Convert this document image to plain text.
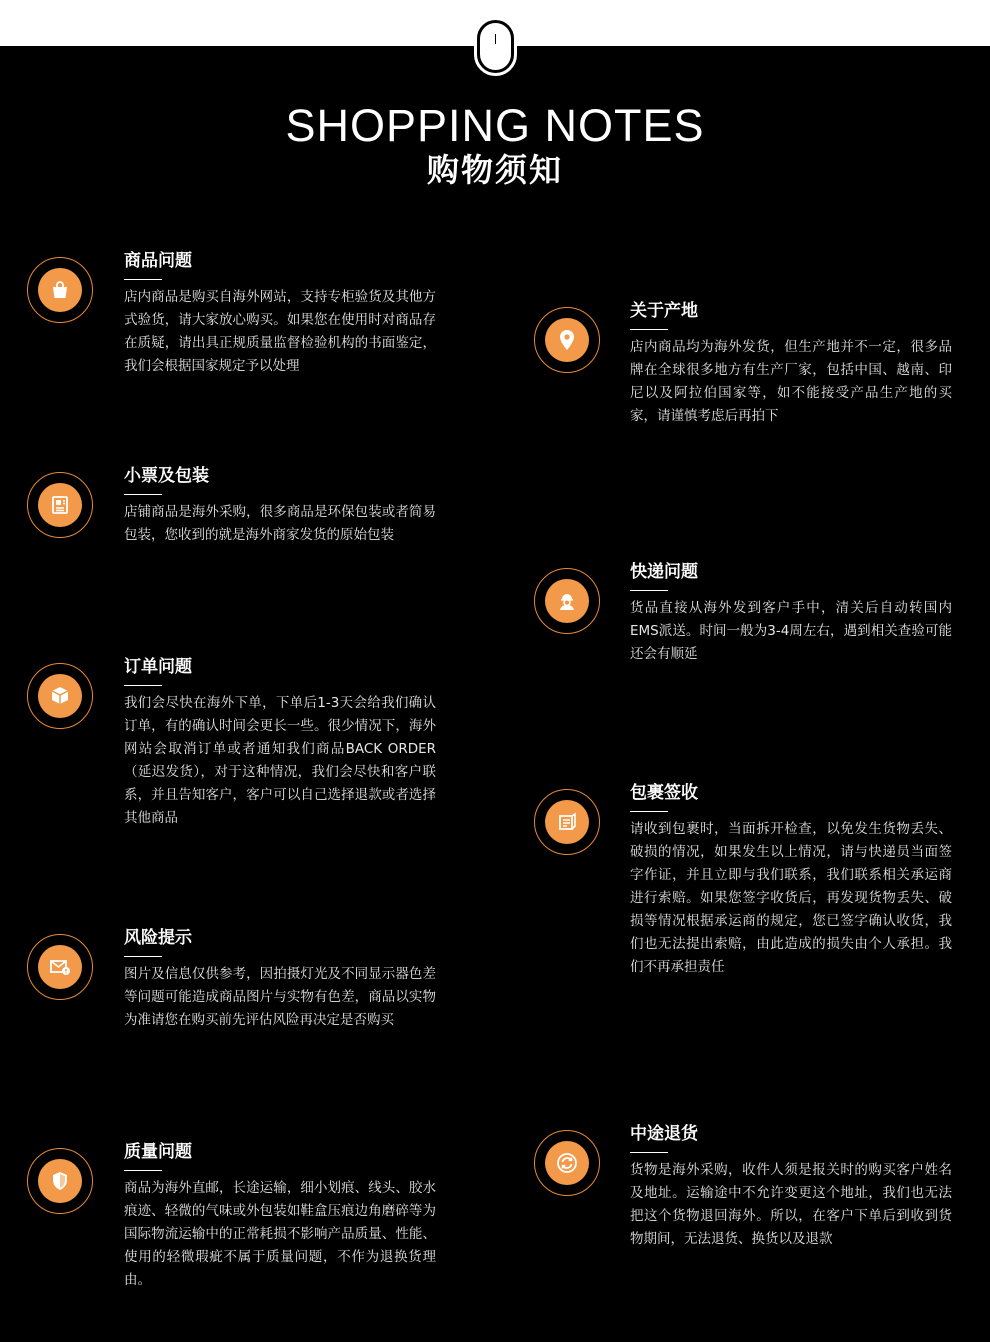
SHOPPING NOTES
购物须知
商品问题
店内商品是购买自海外网站，支持专柜验货及其他方式验货，请大家放心购买。如果您在使用时对商品存在质疑，请出具正规质量监督检验机构的书面鉴定，我们会根据国家规定予以处理
小票及包装
店铺商品是海外采购，很多商品是环保包装或者简易包装，您收到的就是海外商家发货的原始包装
订单问题
我们会尽快在海外下单，下单后1-3天会给我们确认订单，有的确认时间会更长一些。很少情况下，海外网站会取消订单或者通知我们商品BACK ORDER（延迟发货），对于这种情况，我们会尽快和客户联系，并且告知客户，客户可以自己选择退款或者选择其他商品
风险提示
图片及信息仅供参考，因拍摄灯光及不同显示器色差等问题可能造成商品图片与实物有色差，商品以实物为准请您在购买前先评估风险再决定是否购买
质量问题
商品为海外直邮，长途运输，细小划痕、线头、胶水痕迹、轻微的气味或外包装如鞋盒压痕边角磨碎等为国际物流运输中的正常耗损不影响产品质量、性能、使用的轻微瑕疵不属于质量问题，不作为退换货理由。
关于产地
店内商品均为海外发货，但生产地并不一定，很多品牌在全球很多地方有生产厂家，包括中国、越南、印尼以及阿拉伯国家等，如不能接受产品生产地的买家，请谨慎考虑后再拍下
快递问题
货品直接从海外发到客户手中，清关后自动转国内EMS派送。时间一般为3-4周左右，遇到相关查验可能还会有顺延
包裹签收
请收到包裹时，当面拆开检查，以免发生货物丢失、破损的情况，如果发生以上情况，请与快递员当面签字作证，并且立即与我们联系，我们联系相关承运商进行索赔。如果您签字收货后，再发现货物丢失、破损等情况根据承运商的规定，您已签字确认收货，我们也无法提出索赔，由此造成的损失由个人承担。我们不再承担责任
中途退货
货物是海外采购，收件人须是报关时的购买客户姓名及地址。运输途中不允许变更这个地址，我们也无法把这个货物退回海外。所以，在客户下单后到收到货物期间，无法退货、换货以及退款
